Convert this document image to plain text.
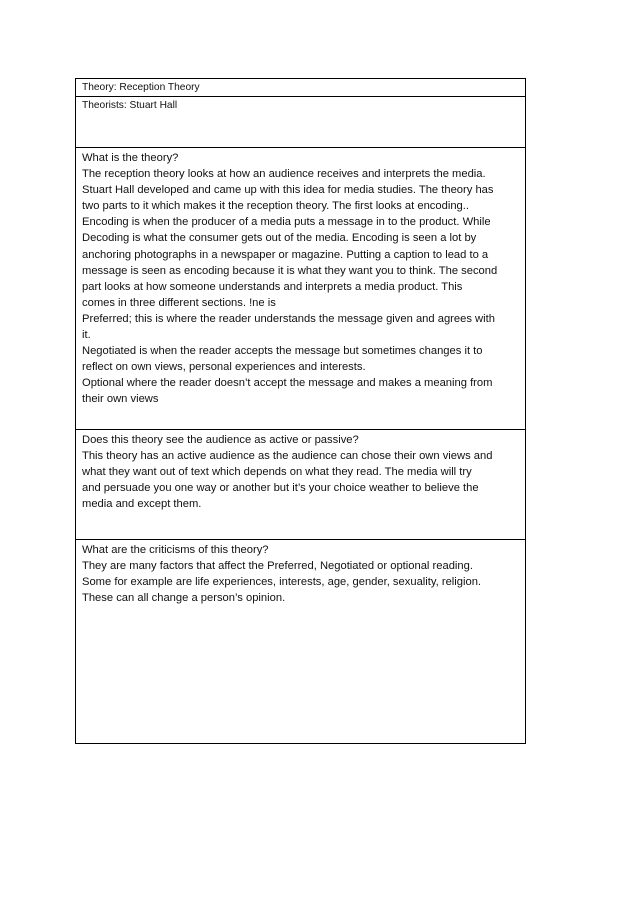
Theory: Reception Theory
Theorists: Stuart Hall
What is the theory?
The reception theory looks at how an audience receives and interprets the media.
Stuart Hall developed and came up with this idea for media studies. The theory has
two parts to it which makes it the reception theory. The first looks at encoding..
Encoding is when the producer of a media puts a message in to the product. While
Decoding is what the consumer gets out of the media. Encoding is seen a lot by
anchoring photographs in a newspaper or magazine. Putting a caption to lead to a
message is seen as encoding because it is what they want you to think. The second
part looks at how someone understands and interprets a media product. This
comes in three different sections. !ne is
Preferred; this is where the reader understands the message given and agrees with
it.
Negotiated is when the reader accepts the message but sometimes changes it to
reflect on own views, personal experiences and interests.
Optional where the reader doesn’t accept the message and makes a meaning from
their own views
Does this theory see the audience as active or passive?
This theory has an active audience as the audience can chose their own views and
what they want out of text which depends on what they read. The media will try
and persuade you one way or another but it’s your choice weather to believe the
media and except them.
What are the criticisms of this theory?
They are many factors that affect the Preferred, Negotiated or optional reading.
Some for example are life experiences, interests, age, gender, sexuality, religion.
These can all change a person’s opinion.
